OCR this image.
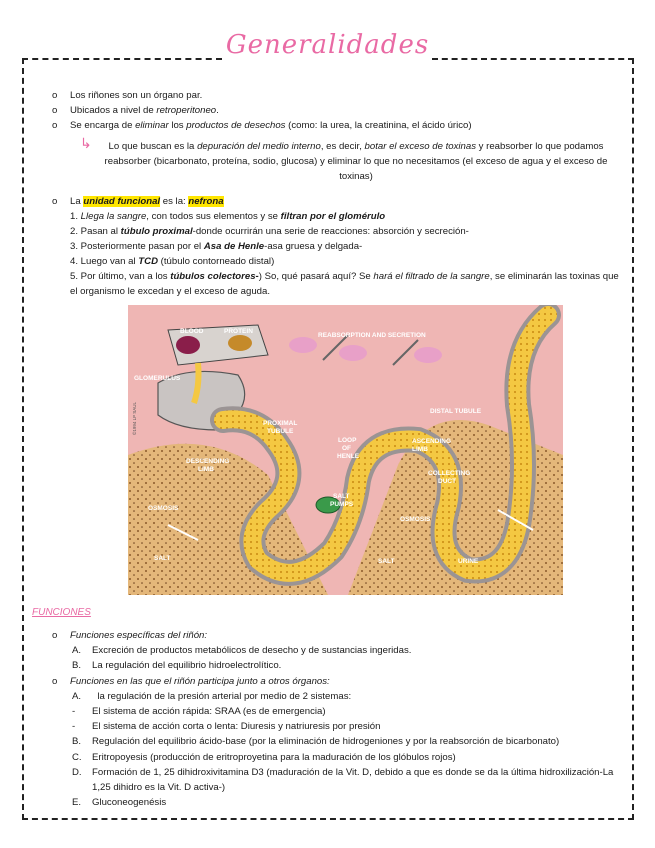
Generalidades
o Los riñones son un órgano par.
o Ubicados a nivel de retroperitoneo.
o Se encarga de eliminar los productos de desechos (como: la urea, la creatinina, el ácido úrico)
↳ Lo que buscan es la depuración del medio interno, es decir, botar el exceso de toxinas y reabsorber lo que podamos reabsorber (bicarbonato, proteína, sodio, glucosa) y eliminar lo que no necesitamos (el exceso de agua y el exceso de toxinas)
o La unidad funcional es la: nefrona
1. Llega la sangre, con todos sus elementos y se filtran por el glomérulo
2. Pasan al túbulo proximal-donde ocurrirán una serie de reacciones: absorción y secreción-
3. Posteriormente pasan por el Asa de Henle-asa gruesa y delgada-
4. Luego van al TCD (túbulo contorneado distal)
5. Por último, van a los túbulos colectores-) So, qué pasará aquí? Se hará el filtrado de la sangre, se eliminarán las toxinas que el organismo le excedan y el exceso de aguda.
BLOOD	PROTEIN
GLOMERULUS
REABSORPTION AND SECRETION
PROXIMAL
TUBULE
DESCENDING
LIMB
LOOP
OF
HENLE
DISTAL TUBULE
ASCENDING
LIMB
COLLECTING
DUCT
SALT
PUMPS
OSMOSIS
OSMOSIS
SALT	SALT	URINE
©1994 LP SAUL
FUNCIONES
o Funciones específicas del riñón:
A. Excreción de productos metabólicos de desecho y de sustancias ingeridas.
B. La regulación del equilibrio hidroelectrolítico.
o Funciones en las que el riñón participa junto a otros órganos:
A. la regulación de la presión arterial por medio de 2 sistemas:
- El sistema de acción rápida: SRAA (es de emergencia)
- El sistema de acción corta o lenta: Diuresis y natriuresis por presión
B. Regulación del equilibrio ácido-base (por la eliminación de hidrogeniones y por la reabsorción de bicarbonato)
C. Eritropoyesis (producción de eritroproyetina para la maduración de los glóbulos rojos)
D. Formación de 1, 25 dihidroxivitamina D3 (maduración de la Vit. D, debido a que es donde se da la última hidroxilización-La 1,25 dihidro es la Vit. D activa-)
E. Gluconeogenésis
